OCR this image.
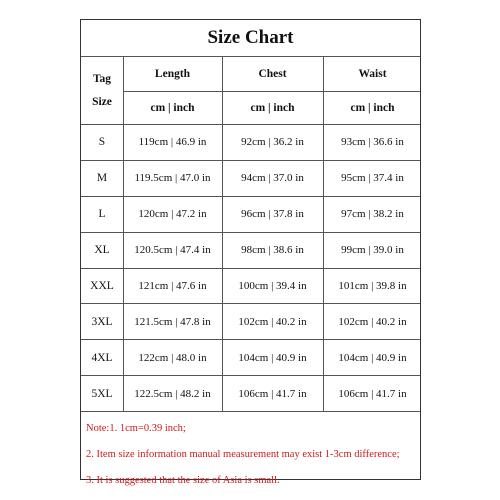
Size Chart
Tag
Size
Length	Chest	Waist
cm | inch	cm | inch	cm | inch
S	119cm | 46.9 in	92cm | 36.2 in	93cm | 36.6 in
M	119.5cm | 47.0 in	94cm | 37.0 in	95cm | 37.4 in
L	120cm | 47.2 in	96cm | 37.8 in	97cm | 38.2 in
XL	120.5cm | 47.4 in	98cm | 38.6 in	99cm | 39.0 in
XXL	121cm | 47.6 in	100cm | 39.4 in	101cm | 39.8 in
3XL	121.5cm | 47.8 in	102cm | 40.2 in	102cm | 40.2 in
4XL	122cm | 48.0 in	104cm | 40.9 in	104cm | 40.9 in
5XL	122.5cm | 48.2 in	106cm | 41.7 in	106cm | 41.7 in
Note:1. 1cm=0.39 inch;
2. Item size information manual measurement may exist 1-3cm difference;
3. It is suggested that the size of Asia is small.
